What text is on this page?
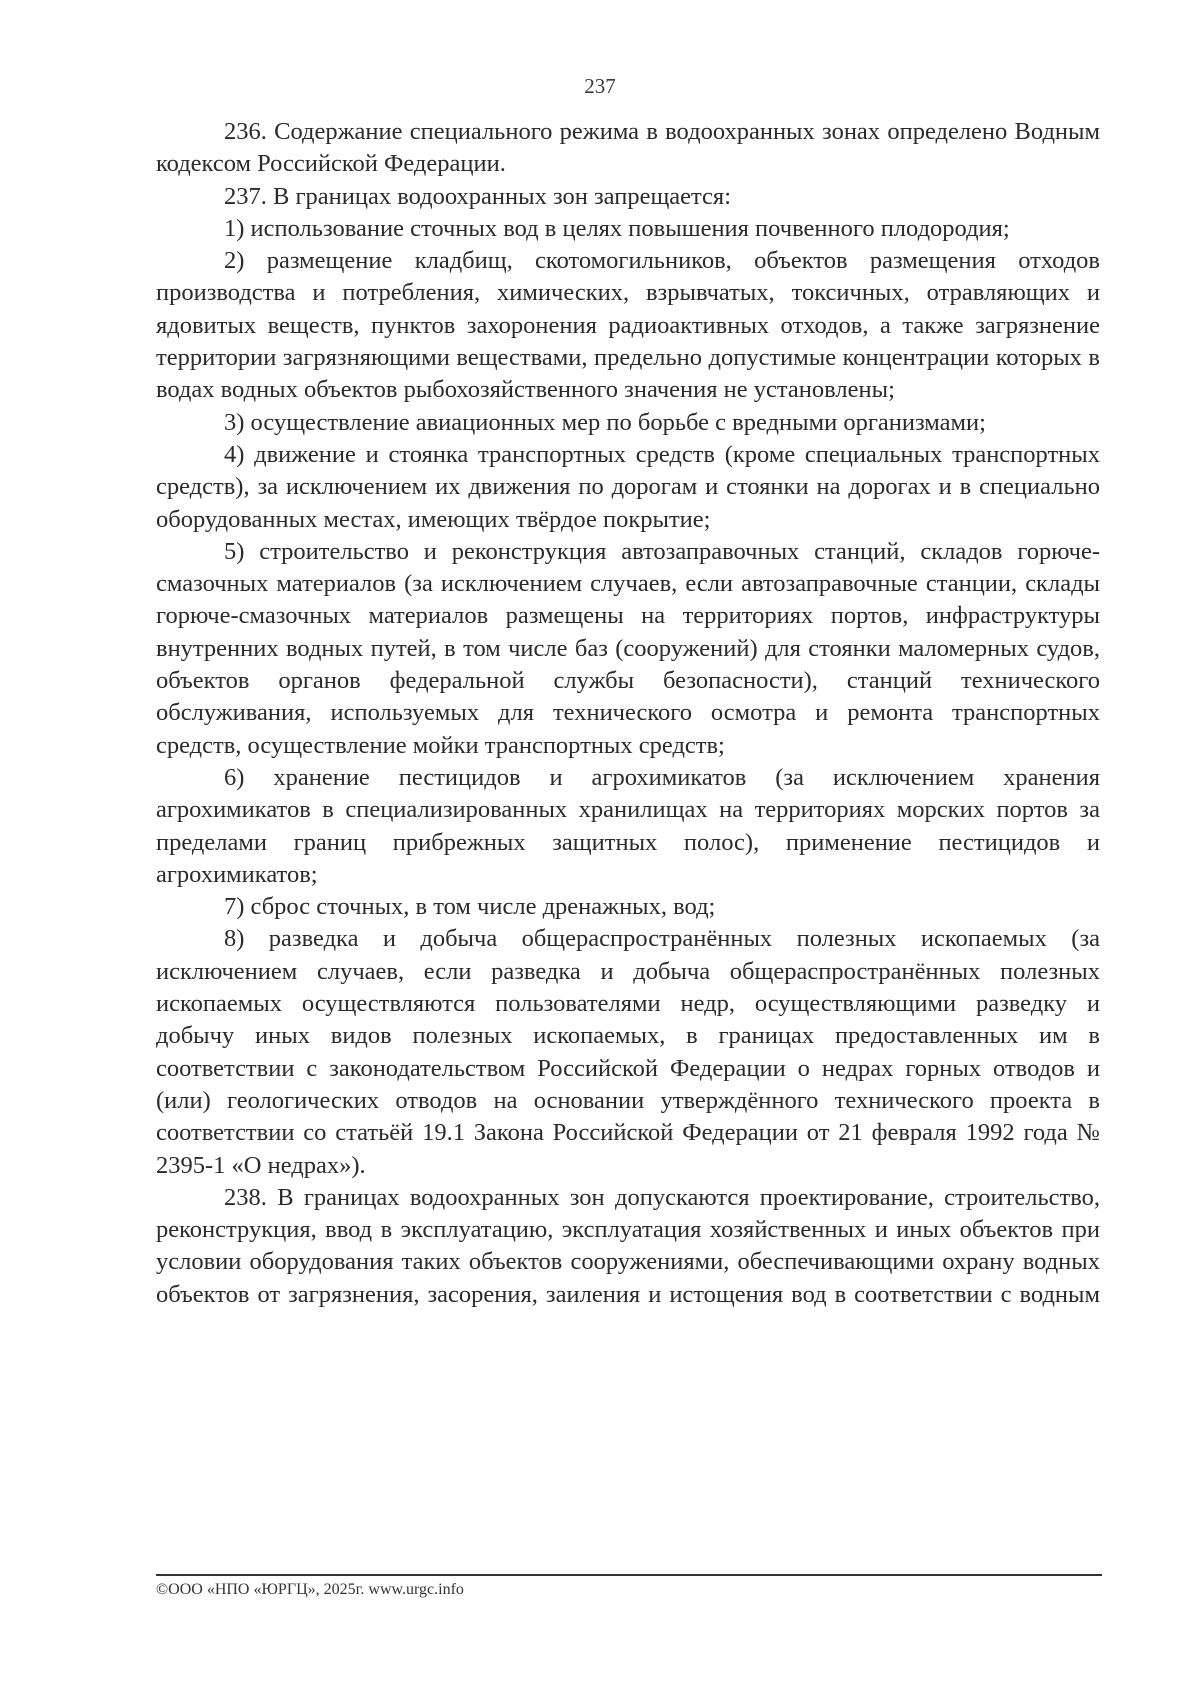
237

236. Содержание специального режима в водоохранных зонах определено Водным кодексом Российской Федерации.

237. В границах водоохранных зон запрещается:

1) использование сточных вод в целях повышения почвенного плодородия;

2) размещение кладбищ, скотомогильников, объектов размещения отходов производства и потребления, химических, взрывчатых, токсичных, отравляющих и ядовитых веществ, пунктов захоронения радиоактивных отходов, а также загрязнение территории загрязняющими веществами, предельно допустимые концентрации которых в водах водных объектов рыбохозяйственного значения не установлены;

3) осуществление авиационных мер по борьбе с вредными организмами;

4) движение и стоянка транспортных средств (кроме специальных транспортных средств), за исключением их движения по дорогам и стоянки на дорогах и в специально оборудованных местах, имеющих твёрдое покрытие;

5) строительство и реконструкция автозаправочных станций, складов горюче-смазочных материалов (за исключением случаев, если автозаправочные станции, склады горюче-смазочных материалов размещены на территориях портов, инфраструктуры внутренних водных путей, в том числе баз (сооружений) для стоянки маломерных судов, объектов органов федеральной службы безопасности), станций технического обслуживания, используемых для технического осмотра и ремонта транспортных средств, осуществление мойки транспортных средств;

6) хранение пестицидов и агрохимикатов (за исключением хранения агрохимикатов в специализированных хранилищах на территориях морских портов за пределами границ прибрежных защитных полос), применение пестицидов и агрохимикатов;

7) сброс сточных, в том числе дренажных, вод;

8) разведка и добыча общераспространённых полезных ископаемых (за исключением случаев, если разведка и добыча общераспространённых полезных ископаемых осуществляются пользователями недр, осуществляющими разведку и добычу иных видов полезных ископаемых, в границах предоставленных им в соответствии с законодательством Российской Федерации о недрах горных отводов и (или) геологических отводов на основании утверждённого технического проекта в соответствии со статьёй 19.1 Закона Российской Федерации от 21 февраля 1992 года № 2395-1 «О недрах»).

238. В границах водоохранных зон допускаются проектирование, строительство, реконструкция, ввод в эксплуатацию, эксплуатация хозяйственных и иных объектов при условии оборудования таких объектов сооружениями, обеспечивающими охрану водных объектов от загрязнения, засорения, заиления и истощения вод в соответствии с водным

©ООО «НПО «ЮРГЦ», 2025г. www.urgc.info
